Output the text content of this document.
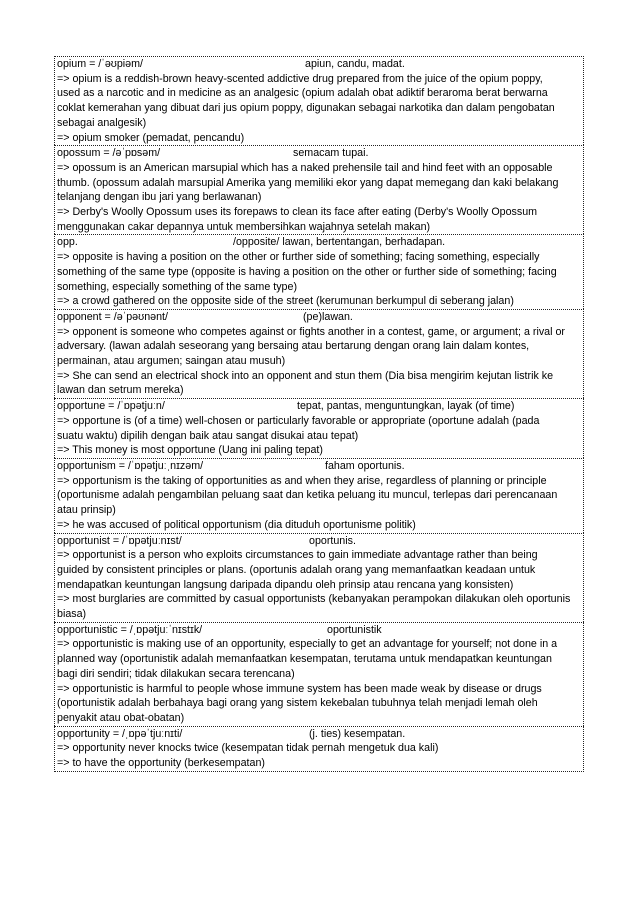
opium = /ˈəʊpiəm/	apiun, candu, madat.
=> opium is a reddish-brown heavy-scented addictive drug prepared from the juice of the opium poppy,
used as a narcotic and in medicine as an analgesic (opium adalah obat adiktif beraroma berat berwarna
coklat kemerahan yang dibuat dari jus opium poppy, digunakan sebagai narkotika dan dalam pengobatan
sebagai analgesik)
=> opium smoker (pemadat, pencandu)
opossum = /əˈpɒsəm/	semacam tupai.
=> opossum is an American marsupial which has a naked prehensile tail and hind feet with an opposable
thumb. (opossum adalah marsupial Amerika yang memiliki ekor yang dapat memegang dan kaki belakang
telanjang dengan ibu jari yang berlawanan)
=> Derby's Woolly Opossum uses its forepaws to clean its face after eating (Derby's Woolly Opossum
menggunakan cakar depannya untuk membersihkan wajahnya setelah makan)
opp.	/opposite/ lawan, bertentangan, berhadapan.
=> opposite is having a position on the other or further side of something; facing something, especially
something of the same type (opposite is having a position on the other or further side of something; facing
something, especially something of the same type)
=> a crowd gathered on the opposite side of the street (kerumunan berkumpul di seberang jalan)
opponent = /əˈpəʊnənt/	(pe)lawan.
=> opponent is someone who competes against or fights another in a contest, game, or argument; a rival or
adversary. (lawan adalah seseorang yang bersaing atau bertarung dengan orang lain dalam kontes,
permainan, atau argumen; saingan atau musuh)
=> She can send an electrical shock into an opponent and stun them (Dia bisa mengirim kejutan listrik ke
lawan dan setrum mereka)
opportune = /ˈɒpətjuːn/	tepat, pantas, menguntungkan, layak (of time)
=> opportune is (of a time) well-chosen or particularly favorable or appropriate (oportune adalah (pada
suatu waktu) dipilih dengan baik atau sangat disukai atau tepat)
=> This money is most opportune (Uang ini paling tepat)
opportunism = /ˈɒpətjuːˌnɪzəm/	faham oportunis.
=> opportunism is the taking of opportunities as and when they arise, regardless of planning or principle
(oportunisme adalah pengambilan peluang saat dan ketika peluang itu muncul, terlepas dari perencanaan
atau prinsip)
=> he was accused of political opportunism (dia dituduh oportunisme politik)
opportunist = /ˈɒpətjuːnɪst/	oportunis.
=> opportunist is a person who exploits circumstances to gain immediate advantage rather than being
guided by consistent principles or plans. (oportunis adalah orang yang memanfaatkan keadaan untuk
mendapatkan keuntungan langsung daripada dipandu oleh prinsip atau rencana yang konsisten)
=> most burglaries are committed by casual opportunists (kebanyakan perampokan dilakukan oleh oportunis
biasa)
opportunistic = /ˌɒpətjuːˈnɪstɪk/	oportunistik
=> opportunistic is making use of an opportunity, especially to get an advantage for yourself; not done in a
planned way (oportunistik adalah memanfaatkan kesempatan, terutama untuk mendapatkan keuntungan
bagi diri sendiri; tidak dilakukan secara terencana)
=> opportunistic is harmful to people whose immune system has been made weak by disease or drugs
(oportunistik adalah berbahaya bagi orang yang sistem kekebalan tubuhnya telah menjadi lemah oleh
penyakit atau obat-obatan)
opportunity = /ˌɒpəˈtjuːnɪti/	(j. ties) kesempatan.
=> opportunity never knocks twice (kesempatan tidak pernah mengetuk dua kali)
=> to have the opportunity (berkesempatan)
